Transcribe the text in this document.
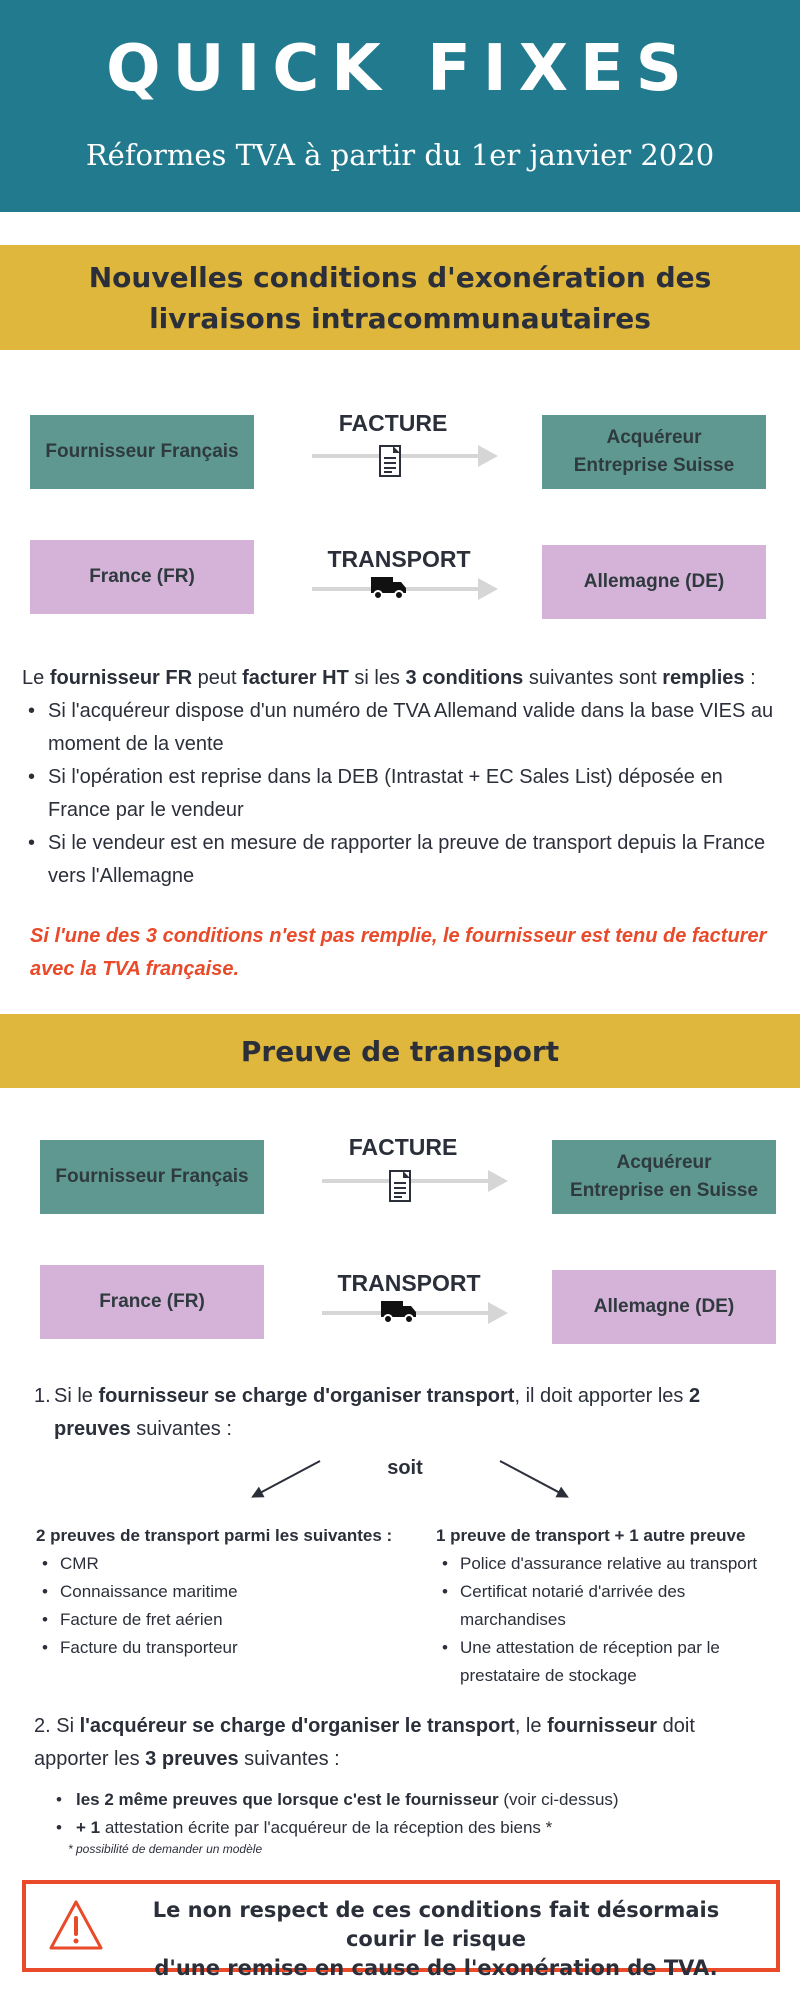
QUICK FIXES
Réformes TVA à partir du 1er janvier 2020
Nouvelles conditions d'exonération des
livraisons intracommunautaires
Fournisseur Français
FACTURE
Acquéreur
Entreprise Suisse
France (FR)
TRANSPORT
Allemagne (DE)
Le fournisseur FR peut facturer HT si les 3 conditions suivantes sont remplies :
• Si l'acquéreur dispose d'un numéro de TVA Allemand valide dans la base VIES au moment de la vente
• Si l'opération est reprise dans la DEB (Intrastat + EC Sales List) déposée en France par le vendeur
• Si le vendeur est en mesure de rapporter la preuve de transport depuis la France vers l'Allemagne
Si l'une des 3 conditions n'est pas remplie, le fournisseur est tenu de facturer avec la TVA française.
Preuve de transport
Fournisseur Français
FACTURE
Acquéreur
Entreprise en Suisse
France (FR)
TRANSPORT
Allemagne (DE)
1. Si le fournisseur se charge d'organiser transport, il doit apporter les 2 preuves suivantes :
soit
2 preuves de transport parmi les suivantes :
• CMR
• Connaissance maritime
• Facture de fret aérien
• Facture du transporteur
1 preuve de transport + 1 autre preuve
• Police d'assurance relative au transport
• Certificat notarié d'arrivée des marchandises
• Une attestation de réception par le prestataire de stockage
2. Si l'acquéreur se charge d'organiser le transport, le fournisseur doit apporter les 3 preuves suivantes :
• les 2 même preuves que lorsque c'est le fournisseur (voir ci-dessus)
• + 1 attestation écrite par l'acquéreur de la réception des biens *
* possibilité de demander un modèle
Le non respect de ces conditions fait désormais courir le risque
d'une remise en cause de l'exonération de TVA.
